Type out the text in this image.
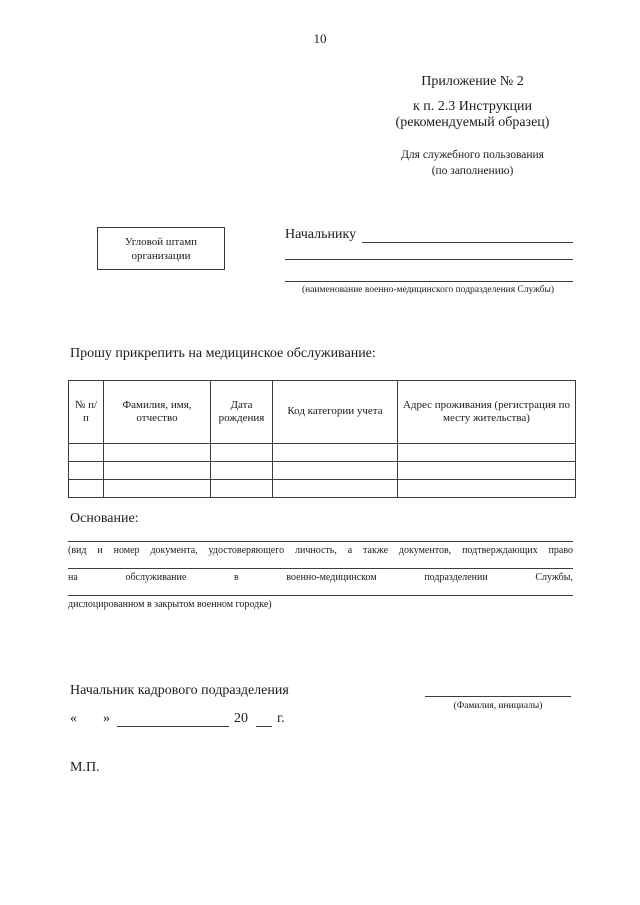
10
Приложение № 2
к п. 2.3 Инструкции
(рекомендуемый образец)
Для служебного пользования
(по заполнению)
Угловой штамп
организации
Начальнику
(наименование военно-медицинского подразделения Службы)
Прошу прикрепить на медицинское обслуживание:
№ п/п	Фамилия, имя, отчество	Дата рождения	Код категории учета	Адрес проживания (регистрация по месту жительства)

Основание:
(вид и номер документа, удостоверяющего личность, а также документов, подтверждающих право
на обслуживание в военно-медицинском подразделении Службы,
дислоцированном в закрытом военном городке)
Начальник кадрового подразделения
(Фамилия, инициалы)
« »	20 г.
М.П.
